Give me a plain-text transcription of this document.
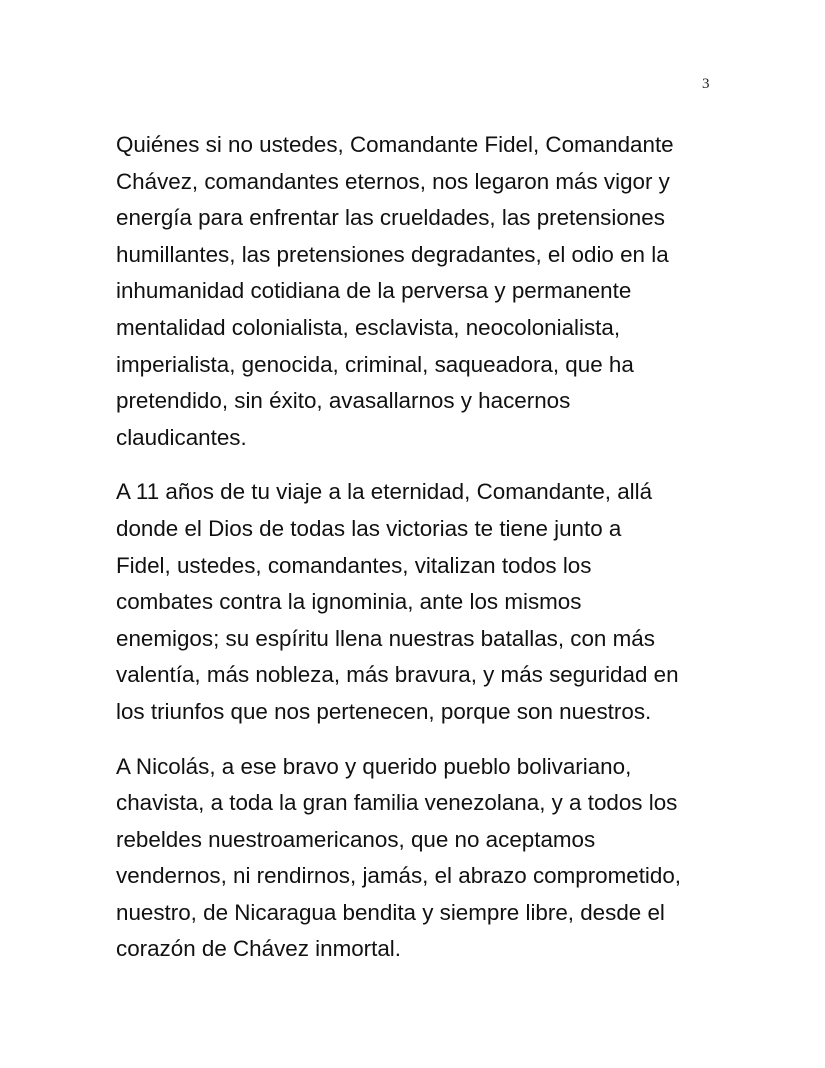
3

Quiénes si no ustedes, Comandante Fidel, Comandante
Chávez, comandantes eternos, nos legaron más vigor y
energía para enfrentar las crueldades, las pretensiones
humillantes, las pretensiones degradantes, el odio en la
inhumanidad cotidiana de la perversa y permanente
mentalidad colonialista, esclavista, neocolonialista,
imperialista, genocida, criminal, saqueadora, que ha
pretendido, sin éxito, avasallarnos y hacernos
claudicantes.

A 11 años de tu viaje a la eternidad, Comandante, allá
donde el Dios de todas las victorias te tiene junto a
Fidel, ustedes, comandantes, vitalizan todos los
combates contra la ignominia, ante los mismos
enemigos; su espíritu llena nuestras batallas, con más
valentía, más nobleza, más bravura, y más seguridad en
los triunfos que nos pertenecen, porque son nuestros.

A Nicolás, a ese bravo y querido pueblo bolivariano,
chavista, a toda la gran familia venezolana, y a todos los
rebeldes nuestroamericanos, que no aceptamos
vendernos, ni rendirnos, jamás, el abrazo comprometido,
nuestro, de Nicaragua bendita y siempre libre, desde el
corazón de Chávez inmortal.
